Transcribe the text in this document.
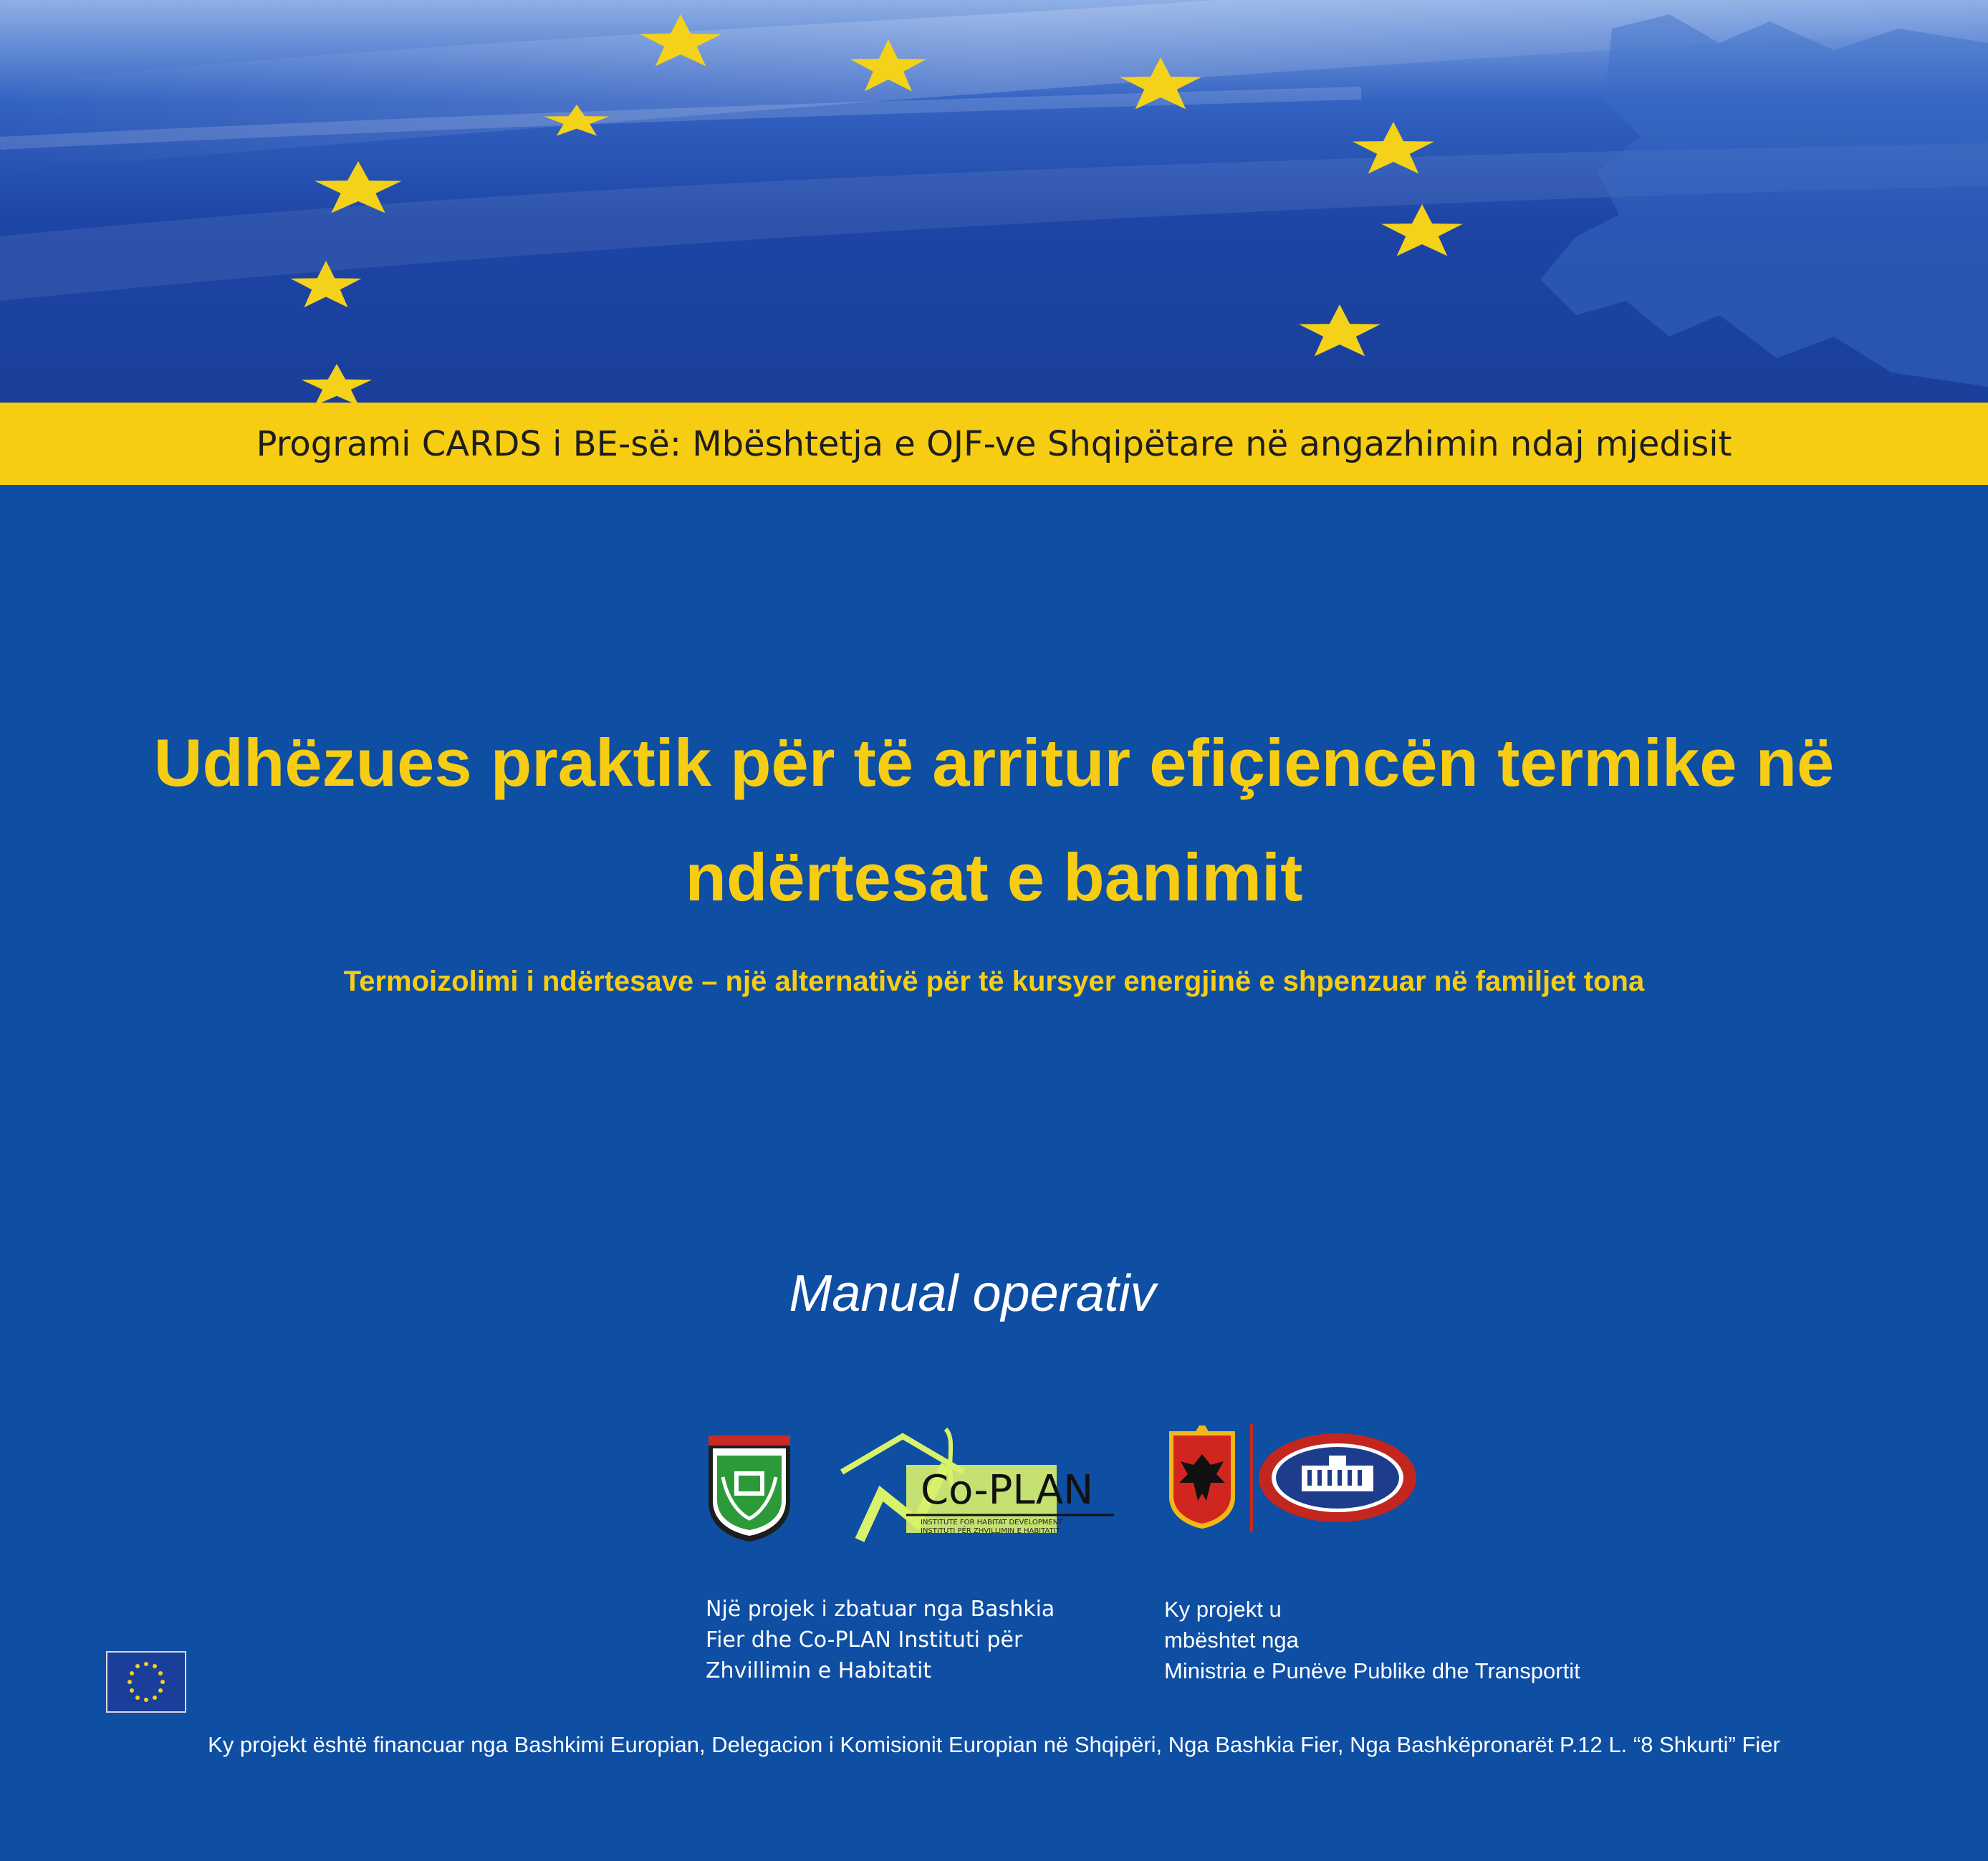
Programi CARDS i BE-së: Mbështetja e OJF-ve Shqipëtare në angazhimin ndaj mjedisit
Udhëzues praktik për të arritur efiçiencën termike në
ndërtesat e banimit
Termoizolimi i ndërtesave – një alternativë për të kursyer energjinë e shpenzuar në familjet tona
Manual operativ
Co-PLAN
INSTITUTE FOR HABITAT DEVELOPMENT
INSTITUTI PËR ZHVILLIMIN E HABITATIT
Një projek i zbatuar nga Bashkia
Fier dhe Co-PLAN Instituti për
Zhvillimin e Habitatit
Ky projekt u
mbështet nga
Ministria e Punëve Publike dhe Transportit
Ky projekt është financuar nga Bashkimi Europian, Delegacion i Komisionit Europian në Shqipëri, Nga Bashkia Fier, Nga Bashkëpronarët P.12 L. “8 Shkurti” Fier
